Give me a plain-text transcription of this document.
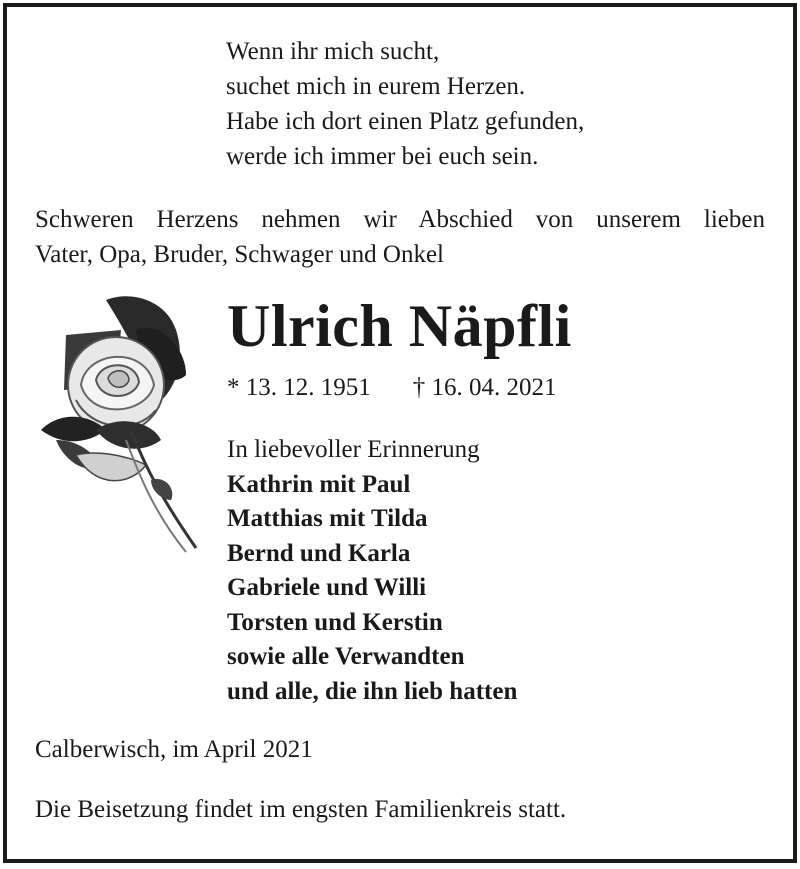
Wenn ihr mich sucht,
suchet mich in eurem Herzen.
Habe ich dort einen Platz gefunden,
werde ich immer bei euch sein.
Schweren Herzens nehmen wir Abschied von unserem lieben
Vater, Opa, Bruder, Schwager und Onkel
Ulrich Näpfli
* 13. 12. 1951 † 16. 04. 2021
In liebevoller Erinnerung
Kathrin mit Paul
Matthias mit Tilda
Bernd und Karla
Gabriele und Willi
Torsten und Kerstin
sowie alle Verwandten
und alle, die ihn lieb hatten
Calberwisch, im April 2021
Die Beisetzung findet im engsten Familienkreis statt.
